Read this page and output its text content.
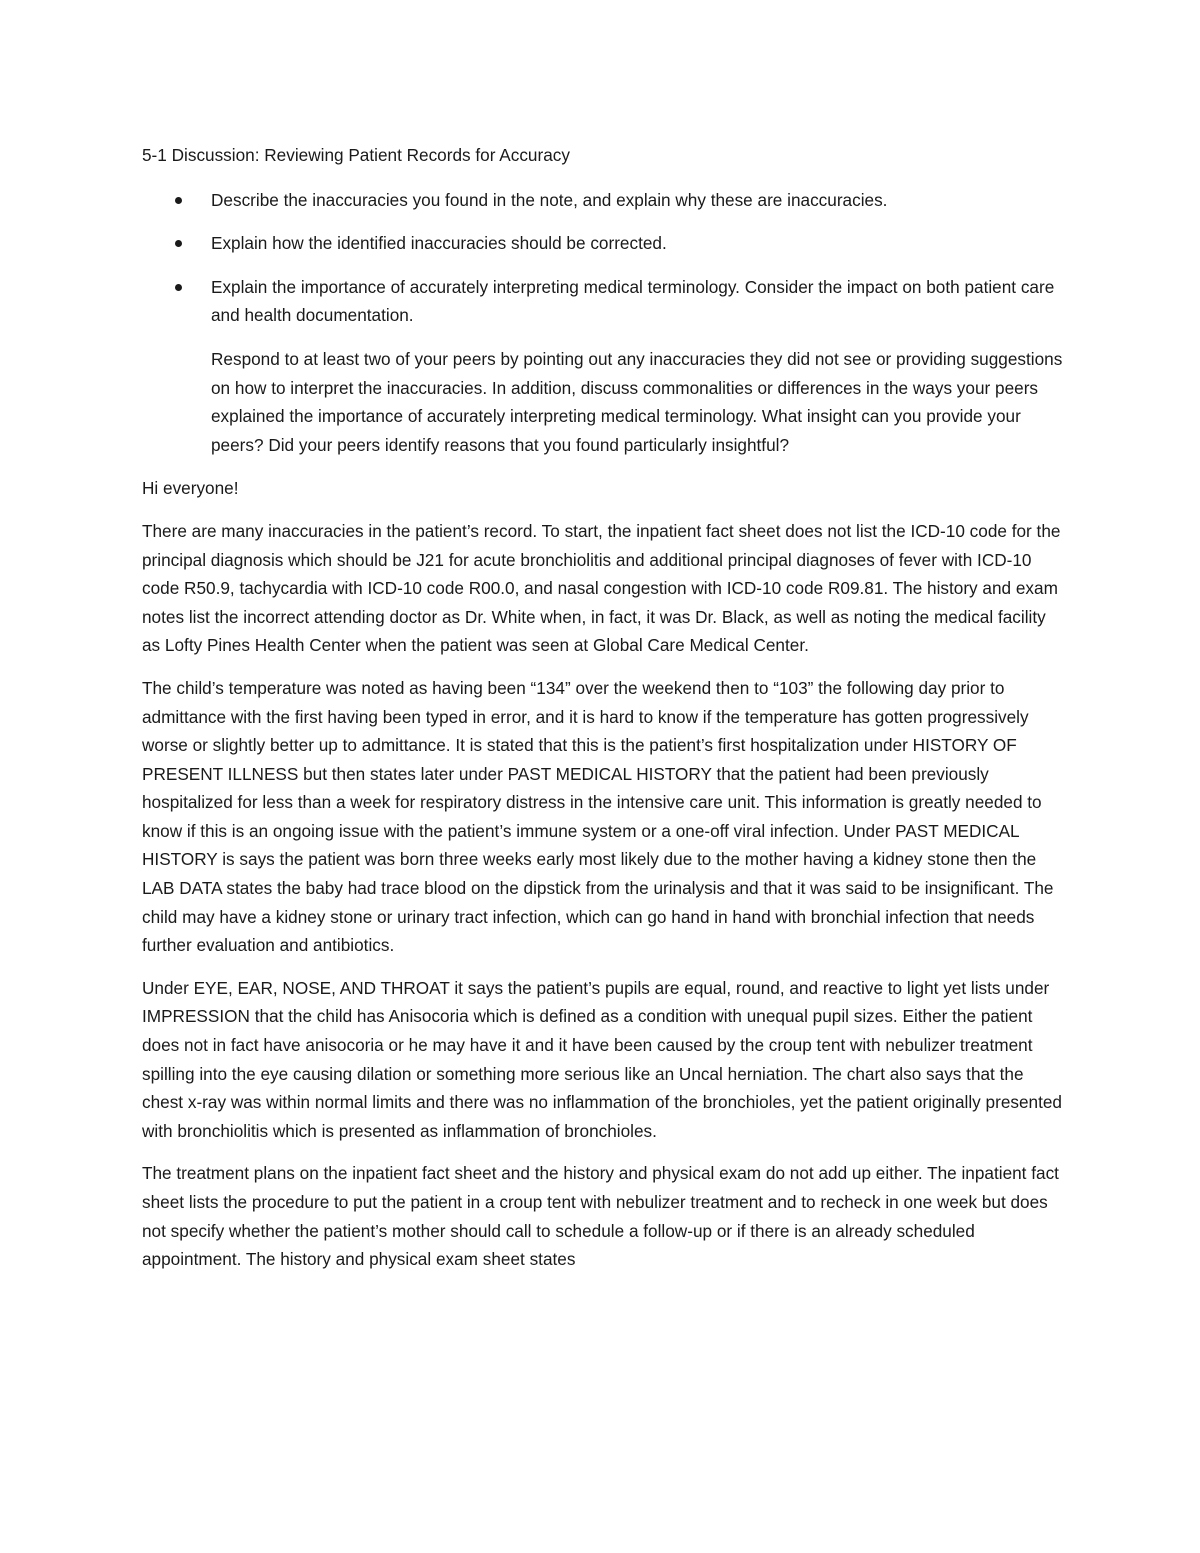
5-1 Discussion: Reviewing Patient Records for Accuracy

Describe the inaccuracies you found in the note, and explain why these are inaccuracies.
Explain how the identified inaccuracies should be corrected.
Explain the importance of accurately interpreting medical terminology. Consider the impact on both patient care and health documentation.

Respond to at least two of your peers by pointing out any inaccuracies they did not see or providing suggestions on how to interpret the inaccuracies. In addition, discuss commonalities or differences in the ways your peers explained the importance of accurately interpreting medical terminology. What insight can you provide your peers? Did your peers identify reasons that you found particularly insightful?

Hi everyone!

There are many inaccuracies in the patient’s record. To start, the inpatient fact sheet does not list the ICD-10 code for the principal diagnosis which should be J21 for acute bronchiolitis and additional principal diagnoses of fever with ICD-10 code R50.9, tachycardia with ICD-10 code R00.0, and nasal congestion with ICD-10 code R09.81. The history and exam notes list the incorrect attending doctor as Dr. White when, in fact, it was Dr. Black, as well as noting the medical facility as Lofty Pines Health Center when the patient was seen at Global Care Medical Center.

The child’s temperature was noted as having been “134” over the weekend then to “103” the following day prior to admittance with the first having been typed in error, and it is hard to know if the temperature has gotten progressively worse or slightly better up to admittance. It is stated that this is the patient’s first hospitalization under HISTORY OF PRESENT ILLNESS but then states later under PAST MEDICAL HISTORY that the patient had been previously hospitalized for less than a week for respiratory distress in the intensive care unit. This information is greatly needed to know if this is an ongoing issue with the patient’s immune system or a one-off viral infection. Under PAST MEDICAL HISTORY is says the patient was born three weeks early most likely due to the mother having a kidney stone then the LAB DATA states the baby had trace blood on the dipstick from the urinalysis and that it was said to be insignificant. The child may have a kidney stone or urinary tract infection, which can go hand in hand with bronchial infection that needs further evaluation and antibiotics.

Under EYE, EAR, NOSE, AND THROAT it says the patient’s pupils are equal, round, and reactive to light yet lists under IMPRESSION that the child has Anisocoria which is defined as a condition with unequal pupil sizes. Either the patient does not in fact have anisocoria or he may have it and it have been caused by the croup tent with nebulizer treatment spilling into the eye causing dilation or something more serious like an Uncal herniation. The chart also says that the chest x-ray was within normal limits and there was no inflammation of the bronchioles, yet the patient originally presented with bronchiolitis which is presented as inflammation of bronchioles.

The treatment plans on the inpatient fact sheet and the history and physical exam do not add up either. The inpatient fact sheet lists the procedure to put the patient in a croup tent with nebulizer treatment and to recheck in one week but does not specify whether the patient’s mother should call to schedule a follow-up or if there is an already scheduled appointment. The history and physical exam sheet states
